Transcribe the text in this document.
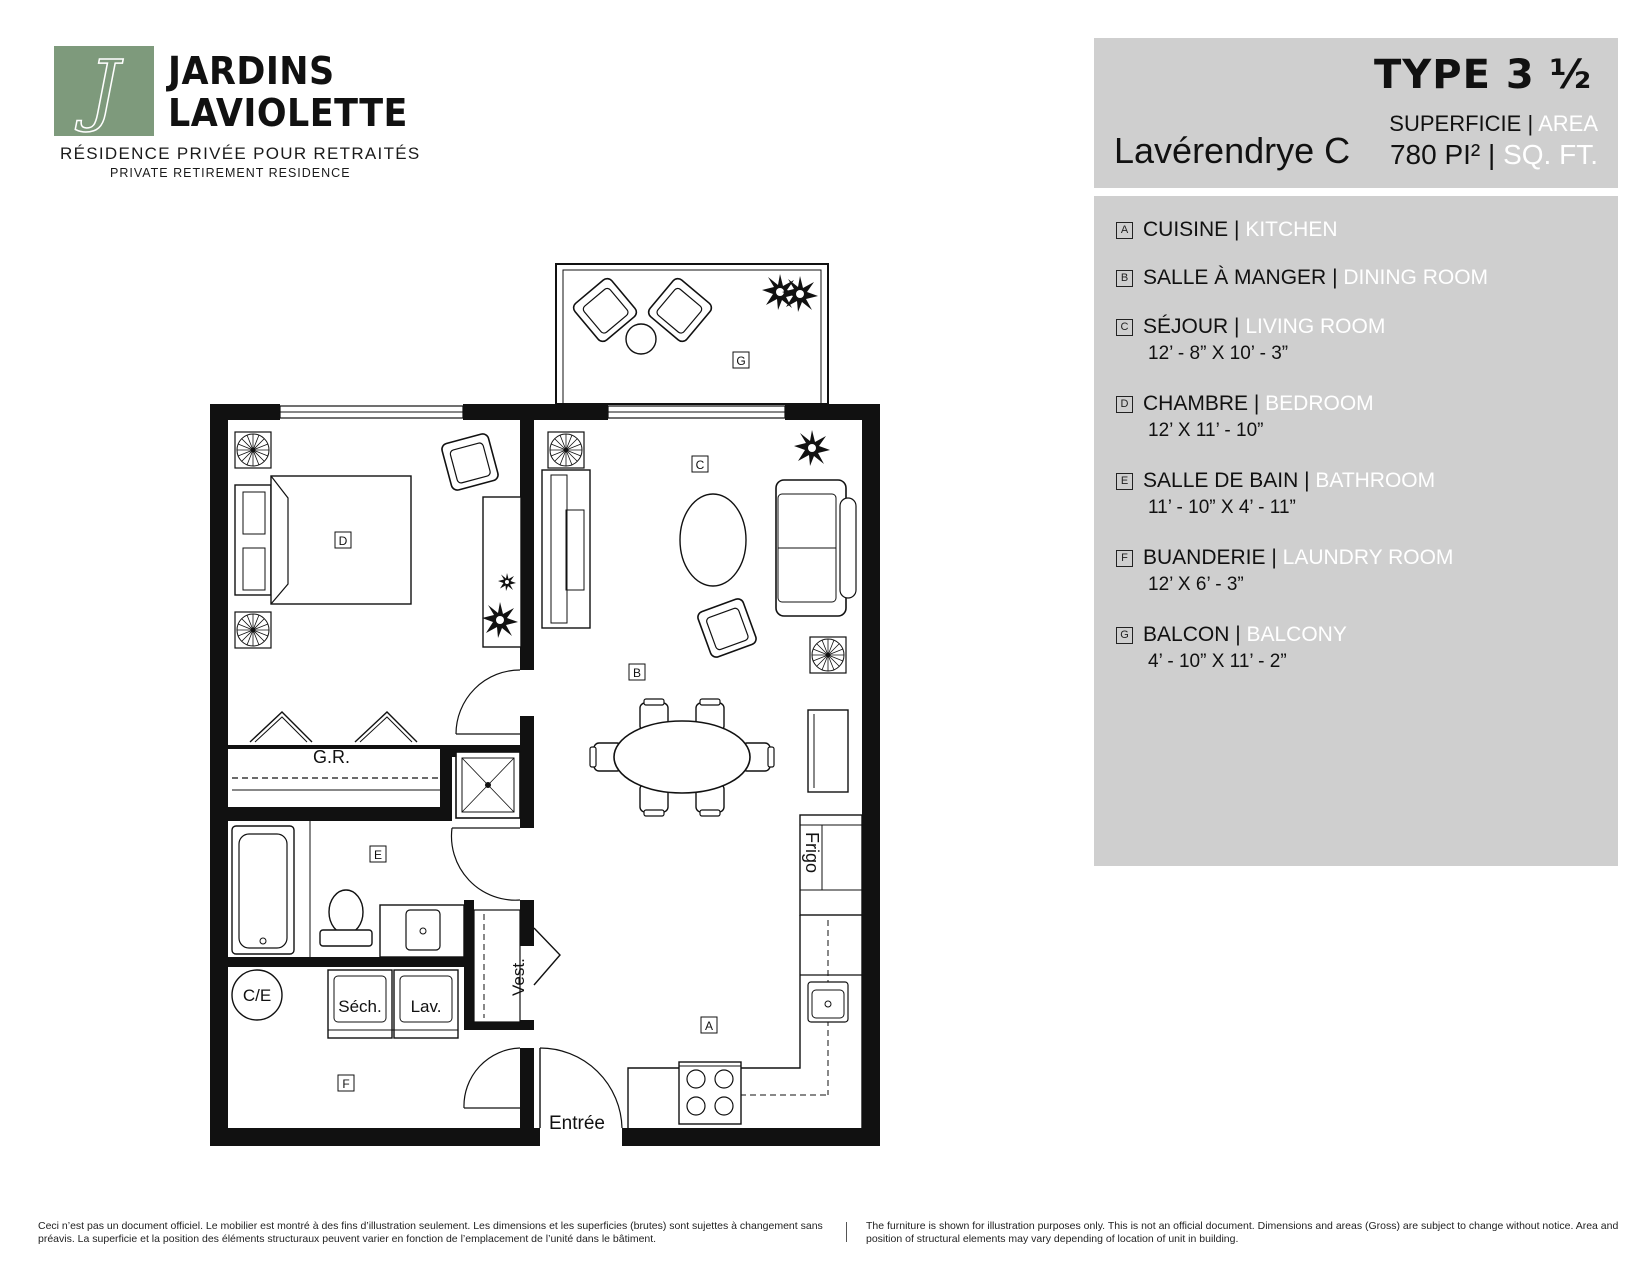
J JARDINS
LAVIOLETTE
RÉSIDENCE PRIVÉE POUR RETRAITÉS
PRIVATE RETIREMENT RESIDENCE
TYPE 3 ½
Lavérendrye C
SUPERFICIE | AREA
780 PI² | SQ. FT.
A CUISINE | KITCHEN
B SALLE À MANGER | DINING ROOM
C SÉJOUR | LIVING ROOM
12’ - 8” X 10’ - 3”
D CHAMBRE | BEDROOM
12’ X 11’ - 10”
E SALLE DE BAIN | BATHROOM
11’ - 10” X 4’ - 11”
F BUANDERIE | LAUNDRY ROOM
12’ X 6’ - 3”
G BALCON | BALCONY
4’ - 10” X 11’ - 2”
G
D
C
B
E
A
F
G.R.
C/E
Séch. Lav.
Entrée
Frigo
Vest.
Ceci n’est pas un document officiel. Le mobilier est montré à des fins d’illustration seulement. Les dimensions et les superficies (brutes) sont sujettes à changement sans préavis. La superficie et la position des éléments structuraux peuvent varier en fonction de l’emplacement de l’unité dans le bâtiment.
The furniture is shown for illustration purposes only. This is not an official document. Dimensions and areas (Gross) are subject to change without notice. Area and position of structural elements may vary depending of location of unit in building.
